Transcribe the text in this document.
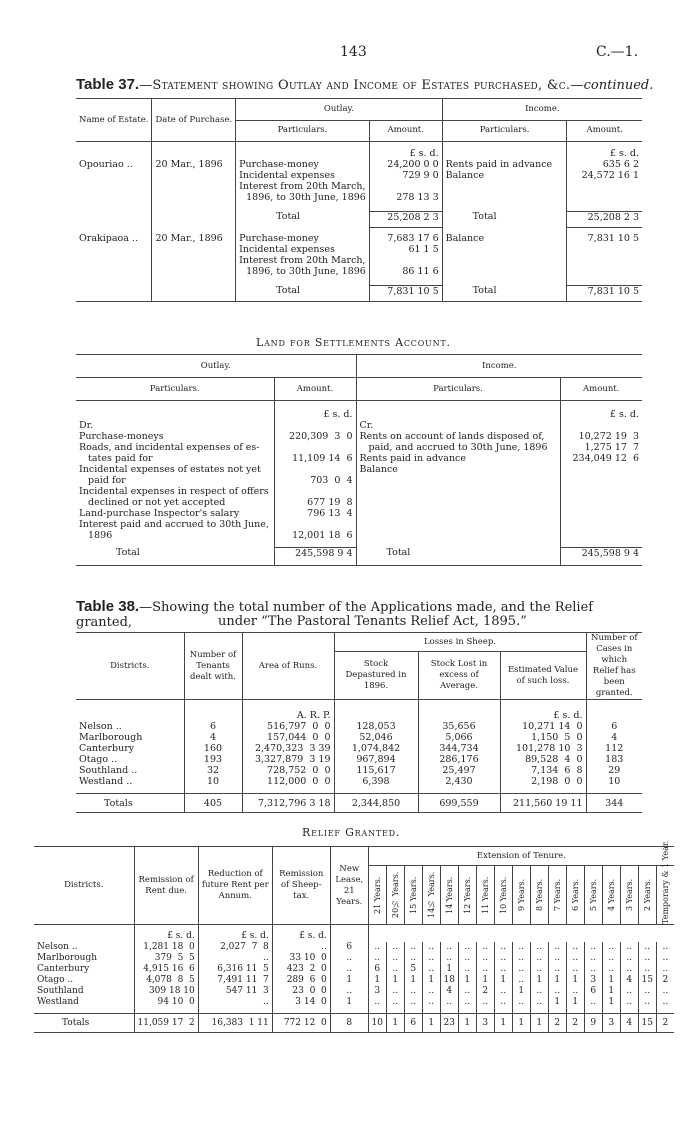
143	C.—1.
Table 37.—Statement showing Outlay and Income of Estates purchased, &c.—continued.
Name of Estate.	Date of Purchase.	Outlay.		Income.	
		Particulars.	Amount.	Particulars.	Amount.
			£ s. d.		£ s. d.
Opouriao ..	20 Mar., 1896	Purchase-money	24,200 0 0	Rents paid in advance	635 6 2
		Incidental expenses	729 9 0	Balance	24,572 16 1
		Interest from 20th March,			
		1896, to 30th June, 1896	278 13 3		

		Total	25,208 2 3	Total	25,208 2 3

Orakipaoa ..	20 Mar., 1896	Purchase-money	7,683 17 6	Balance	7,831 10 5
		Incidental expenses	61 1 5		
		Interest from 20th March,			
		1896, to 30th June, 1896	86 11 6		

		Total	7,831 10 5	Total	7,831 10 5
Land for Settlements Account.
Outlay.		Income.	
Particulars.	Amount.	Particulars.	Amount.
	£ s. d.		£ s. d.
Dr.		Cr.	
Purchase-moneys	220,309  3  0	Rents on account of lands disposed of,	10,272 19  3
Roads, and incidental expenses of es-		paid, and accrued to 30th June, 1896	1,275 17  7
tates paid for	11,109 14  6	Rents paid in advance	234,049 12  6
Incidental expenses of estates not yet		Balance	
paid for	703  0  4		
Incidental expenses in respect of offers			
declined or not yet accepted	677 19  8		
Land-purchase Inspector's salary	796 13  4		
Interest paid and accrued to 30th June,			
1896	12,001 18  6		

Total	245,598 9 4	Total	245,598 9 4
Table 38.—Showing the total number of the Applications made, and the Relief granted,	under “The Pastoral Tenants Relief Act, 1895.”
Districts.	Number of Tenants dealt with.	Area of Runs.	Losses in Sheep.			Number of Cases in which Relief has been granted.
			Stock Depastured in 1896.	Stock Lost in excess of Average.	Estimated Value of such loss.	
		A. R. P.			£ s. d.	
Nelson ..	6	516,797  0  0	128,053	35,656	10,271 14  0	6
Marlborough	4	157,044  0  0	52,046	5,066	1,150  5  0	4
Canterbury	160	2,470,323  3 39	1,074,842	344,734	101,278 10  3	112
Otago ..	193	3,327,879  3 19	967,894	286,176	89,528  4  0	183
Southland ..	32	728,752  0  0	115,617	25,497	7,134  6  8	29
Westland ..	10	112,000  0  0	6,398	2,430	2,198  0  0	10

Totals	405	7,312,796 3 18	2,344,850	699,559	211,560 19 11	344
Relief Granted.
Districts.	Remission of Rent due.	Reduction of future Rent per Annum.	Remission of Sheep-tax.	New Lease, 21 Years.	Extension of Tenure.																

					21 Years.	20½ Years.	15 Years.	14½ Years.	14 Years.	12 Years.	11 Years.	10 Years.	9 Years.	8 Years.	7 Years.	6 Years.	5 Years.	4 Years.	3 Years.	2 Years.	Temporary & 1 Year.

	£ s. d.	£ s. d.	£ s. d.																		
Nelson ..	1,281 18  0	2,027  7  8	..	6	..	..	..	..	..	..	..	..	..	..	..	..	..	..	..	..	..
Marlborough	379  5  5	..	33 10  0	..	..	..	..	..	..	..	..	..	..	..	..	..	..	..	..	..	..
Canterbury	4,915 16  6	6,316 11  5	423  2  0	..	6	..	5	..	1	..	..	..	..	..	..	..	..	..	..	..	..
Otago ..	4,078  8  5	7,491 11  7	289  6  0	1	1	1	1	1	18	1	1	1	..	1	1	1	3	1	4	15	2
Southland	309 18 10	547 11  3	23  0  0	..	3	..	..	..	4	..	2	..	1	..	..	..	6	1	..	..	..
Westland	94 10  0	..	3 14  0	1	..	..	..	..	..	..	..	..	..	..	1	1	..	1	..	..	..

Totals	11,059 17  2	16,383  1 11	772 12  0	8	10	1	6	1	23	1	3	1	1	1	2	2	9	3	4	15	2
